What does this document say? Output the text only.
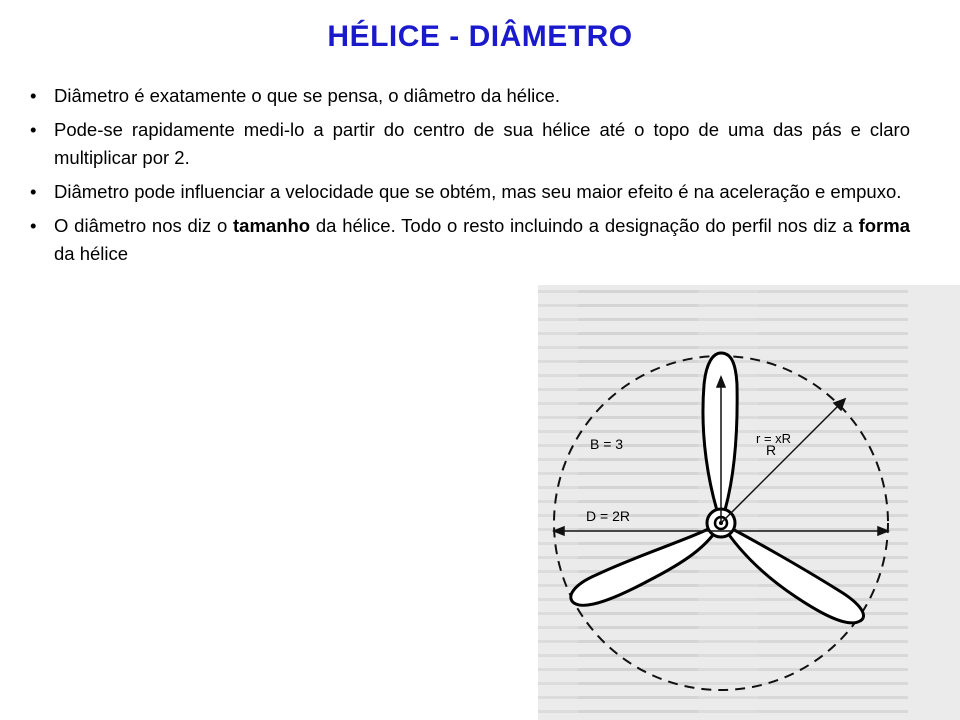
HÉLICE - DIÂMETRO
• Diâmetro é exatamente o que se pensa, o diâmetro da hélice.
• Pode-se rapidamente medi-lo a partir do centro de sua hélice até o topo de uma das pás e claro multiplicar por 2.
• Diâmetro pode influenciar a velocidade que se obtém, mas seu maior efeito é na aceleração e empuxo.
• O diâmetro nos diz o tamanho da hélice. Todo o resto incluindo a designação do perfil nos diz a forma da hélice
r = xR
B = 3	R
D = 2R
